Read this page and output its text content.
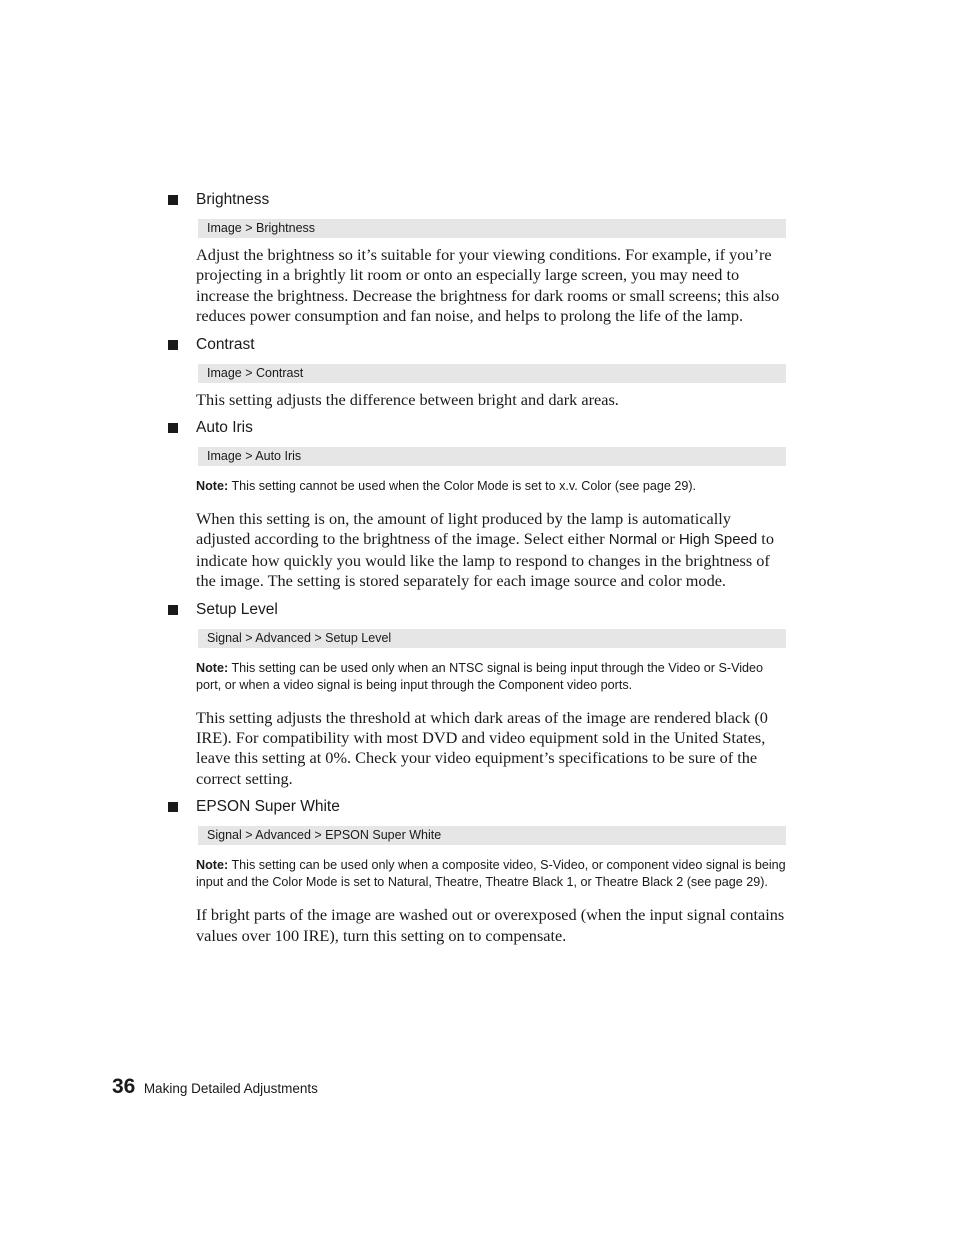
Brightness
Image > Brightness
Adjust the brightness so it’s suitable for your viewing conditions. For example, if you’re projecting in a brightly lit room or onto an especially large screen, you may need to increase the brightness. Decrease the brightness for dark rooms or small screens; this also reduces power consumption and fan noise, and helps to prolong the life of the lamp.
Contrast
Image > Contrast
This setting adjusts the difference between bright and dark areas.
Auto Iris
Image > Auto Iris
Note: This setting cannot be used when the Color Mode is set to x.v. Color (see page 29).
When this setting is on, the amount of light produced by the lamp is automatically adjusted according to the brightness of the image. Select either Normal or High Speed to indicate how quickly you would like the lamp to respond to changes in the brightness of the image. The setting is stored separately for each image source and color mode.
Setup Level
Signal > Advanced > Setup Level
Note: This setting can be used only when an NTSC signal is being input through the Video or S-Video port, or when a video signal is being input through the Component video ports.
This setting adjusts the threshold at which dark areas of the image are rendered black (0 IRE). For compatibility with most DVD and video equipment sold in the United States, leave this setting at 0%. Check your video equipment’s specifications to be sure of the correct setting.
EPSON Super White
Signal > Advanced > EPSON Super White
Note: This setting can be used only when a composite video, S-Video, or component video signal is being input and the Color Mode is set to Natural, Theatre, Theatre Black 1, or Theatre Black 2 (see page 29).
If bright parts of the image are washed out or overexposed (when the input signal contains values over 100 IRE), turn this setting on to compensate.
36 Making Detailed Adjustments
